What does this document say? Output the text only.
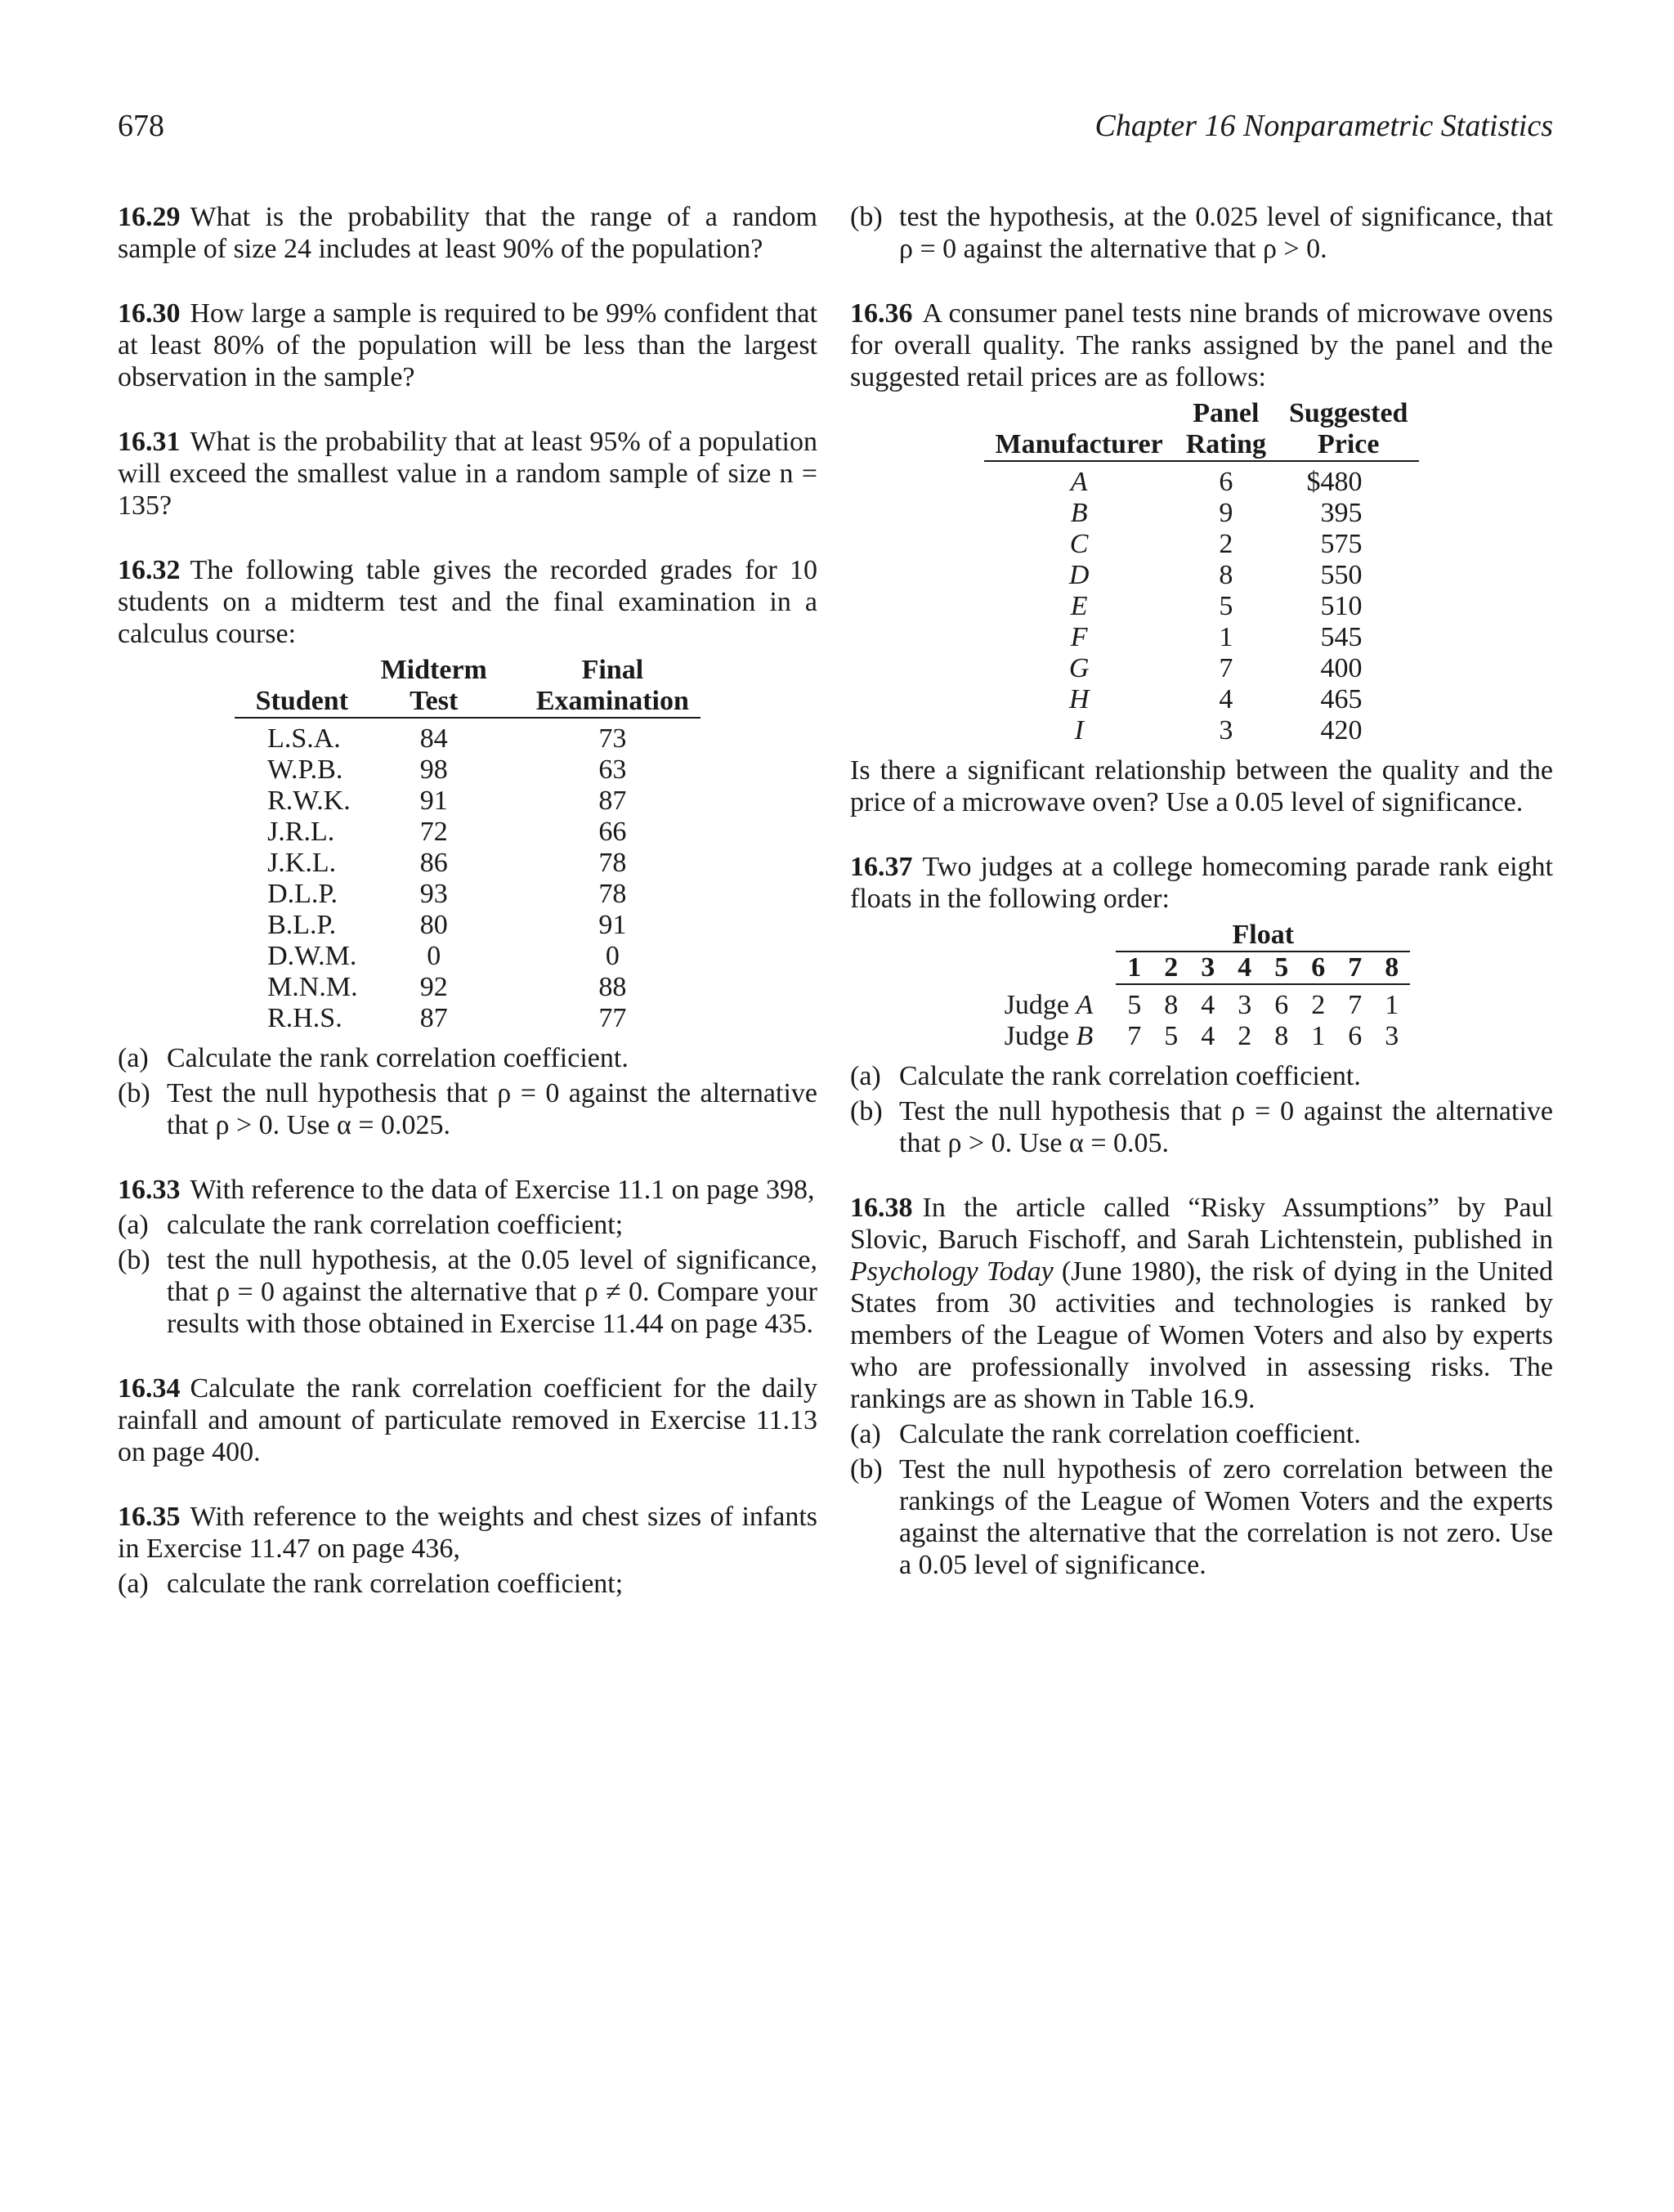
678	Chapter 16 Nonparametric Statistics

16.29 What is the probability that the range of a random sample of size 24 includes at least 90% of the population?

16.30 How large a sample is required to be 99% confident that at least 80% of the population will be less than the largest observation in the sample?

16.31 What is the probability that at least 95% of a population will exceed the smallest value in a random sample of size n = 135?

16.32 The following table gives the recorded grades for 10 students on a midterm test and the final examination in a calculus course:

	Midterm	Final
Student	Test	Examination
L.S.A.	84	73
W.P.B.	98	63
R.W.K.	91	87
J.R.L.	72	66
J.K.L.	86	78
D.L.P.	93	78
B.L.P.	80	91
D.W.M.	0	0
M.N.M.	92	88
R.H.S.	87	77
(a) Calculate the rank correlation coefficient.
(b) Test the null hypothesis that ρ = 0 against the alternative that ρ > 0. Use α = 0.025.

16.33 With reference to the data of Exercise 11.1 on page 398,

(a) calculate the rank correlation coefficient;
(b) test the null hypothesis, at the 0.05 level of significance, that ρ = 0 against the alternative that ρ ≠ 0. Compare your results with those obtained in Exercise 11.44 on page 435.

16.34 Calculate the rank correlation coefficient for the daily rainfall and amount of particulate removed in Exercise 11.13 on page 400.

16.35 With reference to the weights and chest sizes of infants in Exercise 11.47 on page 436,

(a) calculate the rank correlation coefficient;
(b) test the hypothesis, at the 0.025 level of significance, that ρ = 0 against the alternative that ρ > 0.

16.36 A consumer panel tests nine brands of microwave ovens for overall quality. The ranks assigned by the panel and the suggested retail prices are as follows:

	Panel	Suggested
Manufacturer	Rating	Price
A	6	$480
B	9	395
C	2	575
D	8	550
E	5	510
F	1	545
G	7	400
H	4	465
I	3	420

Is there a significant relationship between the quality and the price of a microwave oven? Use a 0.05 level of significance.

16.37 Two judges at a college homecoming parade rank eight floats in the following order:

	Float							
	1	2	3	4	5	6	7	8
Judge A	5	8	4	3	6	2	7	1
Judge B	7	5	4	2	8	1	6	3
(a) Calculate the rank correlation coefficient.
(b) Test the null hypothesis that ρ = 0 against the alternative that ρ > 0. Use α = 0.05.

16.38 In the article called “Risky Assumptions” by Paul Slovic, Baruch Fischoff, and Sarah Lichtenstein, published in Psychology Today (June 1980), the risk of dying in the United States from 30 activities and technologies is ranked by members of the League of Women Voters and also by experts who are professionally involved in assessing risks. The rankings are as shown in Table 16.9.

(a) Calculate the rank correlation coefficient.
(b) Test the null hypothesis of zero correlation between the rankings of the League of Women Voters and the experts against the alternative that the correlation is not zero. Use a 0.05 level of significance.
